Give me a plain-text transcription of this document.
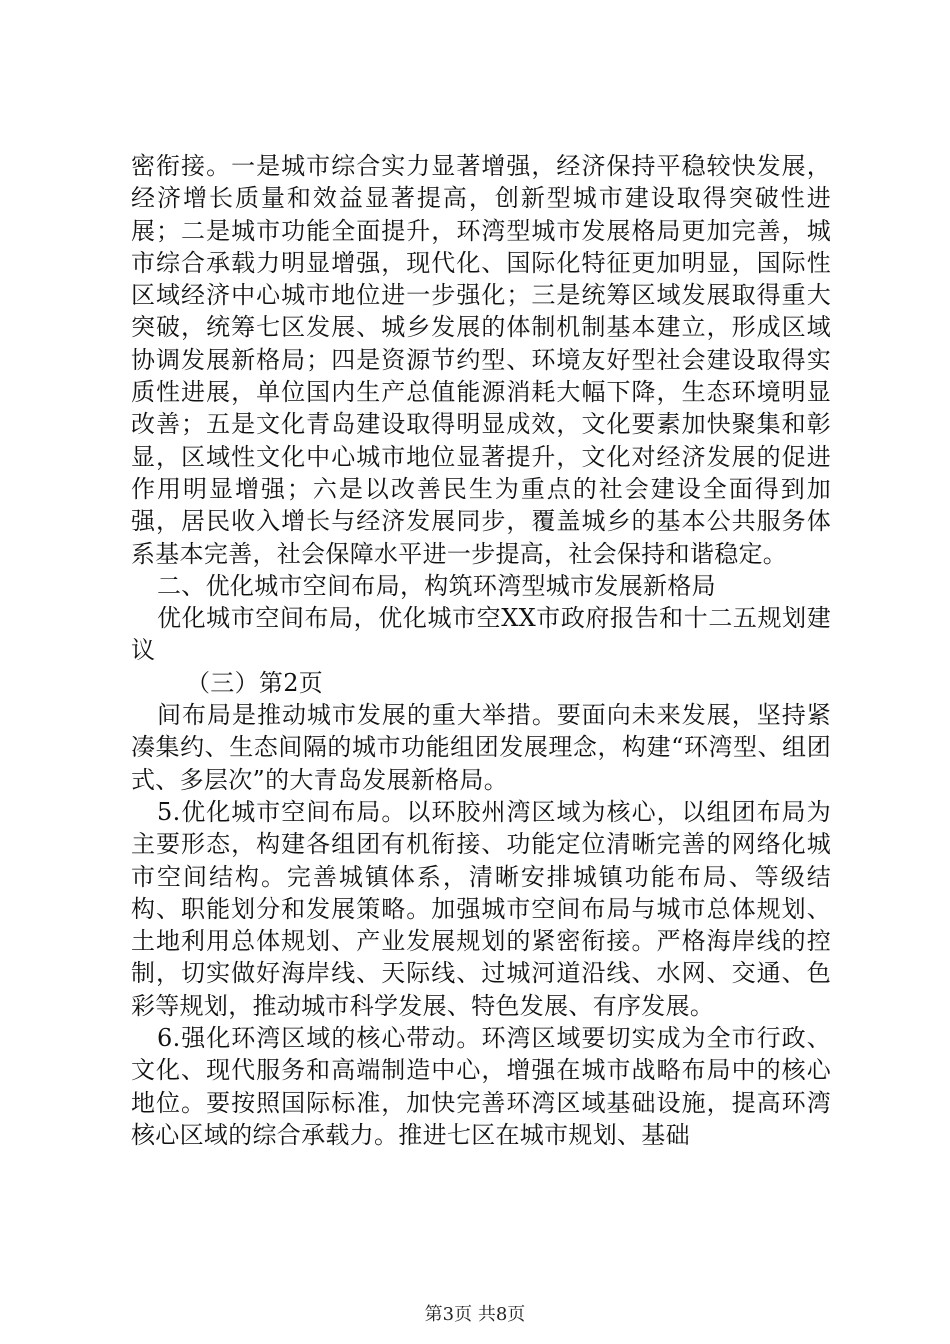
密衔接。一是城市综合实力显著增强，经济保持平稳较快发展，经济增长质量和效益显著提高，创新型城市建设取得突破性进展；二是城市功能全面提升，环湾型城市发展格局更加完善，城市综合承载力明显增强，现代化、国际化特征更加明显，国际性区域经济中心城市地位进一步强化；三是统筹区域发展取得重大突破，统筹七区发展、城乡发展的体制机制基本建立，形成区域协调发展新格局；四是资源节约型、环境友好型社会建设取得实质性进展，单位国内生产总值能源消耗大幅下降，生态环境明显改善；五是文化青岛建设取得明显成效，文化要素加快聚集和彰显，区域性文化中心城市地位显著提升，文化对经济发展的促进作用明显增强；六是以改善民生为重点的社会建设全面得到加强，居民收入增长与经济发展同步，覆盖城乡的基本公共服务体系基本完善，社会保障水平进一步提高，社会保持和谐稳定。

二、优化城市空间布局，构筑环湾型城市发展新格局

优化城市空间布局，优化城市空XX市政府报告和十二五规划建议

（三）第2页

间布局是推动城市发展的重大举措。要面向未来发展，坚持紧凑集约、生态间隔的城市功能组团发展理念，构建“环湾型、组团式、多层次”的大青岛发展新格局。

5.优化城市空间布局。以环胶州湾区域为核心，以组团布局为主要形态，构建各组团有机衔接、功能定位清晰完善的网络化城市空间结构。完善城镇体系，清晰安排城镇功能布局、等级结构、职能划分和发展策略。加强城市空间布局与城市总体规划、土地利用总体规划、产业发展规划的紧密衔接。严格海岸线的控制，切实做好海岸线、天际线、过城河道沿线、水网、交通、色彩等规划，推动城市科学发展、特色发展、有序发展。

6.强化环湾区域的核心带动。环湾区域要切实成为全市行政、文化、现代服务和高端制造中心，增强在城市战略布局中的核心地位。要按照国际标准，加快完善环湾区域基础设施，提高环湾核心区域的综合承载力。推进七区在城市规划、基础

第3页 共8页
